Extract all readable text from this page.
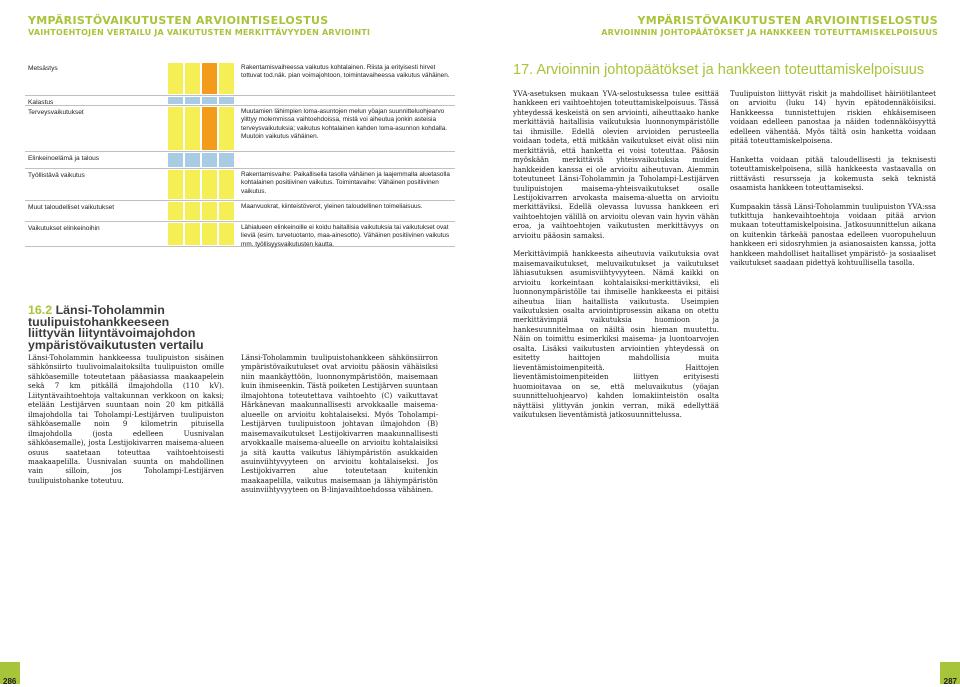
YMPÄRISTÖVAIKUTUSTEN ARVIOINTISELOSTUS
VAIHTOEHTOJEN VERTAILU JA VAIKUTUSTEN MERKITTÄVYYDEN ARVIOINTI
YMPÄRISTÖVAIKUTUSTEN ARVIOINTISELOSTUS
ARVIOINNIN JOHTOPÄÄTÖKSET JA HANKKEEN TOTEUTTAMISKELPOISUUS
Metsästys	Rakentamisvaiheessa vaikutus kohtalainen. Riista ja erityisesti hirvet tottuvat tod.näk. pian voimajohtoon, toimintavaiheessa vaikutus vähäinen.
Kalastus
Terveysvaikutukset	Muutamien lähimpien loma-asuntojen melun yöajan suunnitteluohjearvo ylittyy molemmissa vaihtoehdoissa, mistä voi aiheutua jonkin asteisia terveysvaikutuksia; vaikutus kohtalainen kahden loma-asunnon kohdalla. Muutoin vaikutus vähäinen.
Elinkeinoelämä ja talous
Työllistävä vaikutus	Rakentamisvaihe: Paikallisella tasolla vähäinen ja laajemmalla aluetasolla kohtalainen positiivinen vaikutus. Toimintavaihe: Vähäinen positiivinen vaikutus.
Muut taloudelliset vaikutukset	Maanvuokrat, kiinteistöverot, yleinen taloudellinen toimeliaisuus.
Vaikutukset elinkeinoihin	Lähialueen elinkeinoille ei koidu haitallisia vaikutuksia tai vaikutukset ovat lieviä (esim. turvetuotanto, maa-ainesotto). Vähäinen positiivinen vaikutus mm. työllisyysvaikutusten kautta.
16.2 Länsi-Toholammin tuulipuistohankkeeseen liittyvän liityntävoimajohdon ympäristövaikutusten vertailu
Länsi-Toholammin hankkeessa tuulipuiston sisäinen sähkönsiirto tuulivoimalaitoksilta tuulipuiston omille sähköasemille toteutetaan pääasiassa maakaapelein sekä 7 km pitkällä ilmajohdolla (110 kV). Liityntävaihtoehtoja valtakunnan verkkoon on kaksi; etelään Lestijärven suuntaan noin 20 km pitkällä ilmajohdolla tai Toholampi-Lestijärven tuulipuiston sähköasemalle noin 9 kilometrin pituisella ilmajohdolla (josta edelleen Uusnivalan sähköasemalle), josta Lestijokivarren maisema-alueen osuus saatetaan toteuttaa vaihtoehtoisesti maakaapelilla. Uusnivalan suunta on mahdollinen vain silloin, jos Toholampi-Lestijärven tuulipuistohanke toteutuu.
Länsi-Toholammin tuulipuistohankkeen sähkönsiirron ympäristövaikutukset ovat arvioitu pääosin vähäisiksi niin maankäyttöön, luonnonympäristöön, maisemaan kuin ihmiseenkin. Tästä poiketen Lestijärven suuntaan ilmajohtona toteutettava vaihtoehto (C) vaikuttavat Härkänevan maakunnallisesti arvokkaalle maisema-alueelle on arvioitu kohtalaiseksi. Myös Toholampi-Lestijärven tuulipuistoon johtavan ilmajohdon (B) maisemavaikutukset Lestijokivarren maakunnallisesti arvokkaalle maisema-alueelle on arvioitu kohtalaisiksi ja sitä kautta vaikutus lähiympäristön asukkaiden asuinviihtyvyyteen on arvioitu kohtalaiseksi. Jos Lestijokivarren alue toteutetaan kuitenkin maakaapelilla, vaikutus maisemaan ja lähiympäristön asuinviihtyvyyteen on B-linjavaihtoehdossa vähäinen.
17. Arvioinnin johtopäätökset ja hankkeen toteuttamiskelpoisuus

YVA-asetuksen mukaan YVA-selostuksessa tulee esittää hankkeen eri vaihtoehtojen toteuttamiskelpoisuus. Tässä yhteydessä keskeistä on sen arviointi, aiheuttaako hanke merkittäviä haitallisia vaikutuksia luonnonympäristölle tai ihmisille. Edellä olevien arvioiden perusteella voidaan todeta, että mitkään vaikutukset eivät olisi niin merkittäviä, että hanketta ei voisi toteuttaa. Pääosin myöskään merkittäviä yhteisvaikutuksia muiden hankkeiden kanssa ei ole arvioitu aiheutuvan. Aiemmin toteutuneet Länsi-Toholammin ja Toholampi-Lestijärven tuulipuistojen maisema-yhteisvaikutukset osalle Lestijokivarren arvokasta maisema-aluetta on arvioitu merkittäviksi. Edellä olevassa luvussa hankkeen eri vaihtoehtojen välillä on arvioitu olevan vain hyvin vähän eroa, ja vaihtoehtojen vaikutusten merkittävyys on arvioitu pääosin samaksi.

Merkittävimpiä hankkeesta aiheutuvia vaikutuksia ovat maisemavaikutukset, meluvaikutukset ja vaikutukset lähiasutuksen asumisviihtyvyyteen. Nämä kaikki on arvioitu korkeintaan kohtalaisiksi-merkittäviksi, eli luonnonympäristölle tai ihmiselle hankkeesta ei pitäisi aiheutua liian haitallista vaikutusta. Useimpien vaikutuksien osalta arviointiprosessin aikana on otettu merkittävimpiä vaikutuksia huomioon ja hankesuunnitelmaa on näiltä osin hieman muutettu. Näin on toimittu esimerkiksi maisema- ja luontoarvojen osalta. Lisäksi vaikutusten arviointien yhteydessä on esitetty haittojen mahdollisia muita lieventämistoimenpiteitä. Haittojen lieventämistoimenpiteiden liittyen erityisesti huomioitavaa on se, että meluvaikutus (yöajan suunnitteluohjearvo) kahden lomakiinteistön osalta näyttäisi ylittyvän jonkin verran, mikä edellyttää vaikutuksen lieventämistä jatkosuunnittelussa.

Tuulipuiston liittyvät riskit ja mahdolliset häiriötilanteet on arvioitu (luku 14) hyvin epätodennäköisiksi. Hankkeessa tunnistettujen riskien ehkäisemiseen voidaan edelleen panostaa ja näiden todennäköisyyttä edelleen vähentää. Myös tältä osin hanketta voidaan pitää toteuttamiskelpoisena.

Hanketta voidaan pitää taloudellisesti ja teknisesti toteuttamiskelpoisena, sillä hankkeesta vastaavalla on riittävästi resursseja ja kokemusta sekä teknistä osaamista hankkeen toteuttamiseksi.

Kumpaakin tässä Länsi-Toholammin tuulipuiston YVA:ssa tutkittuja hankevaihtoehtoja voidaan pitää arvion mukaan toteuttamiskelpoisina. Jatkosuunnittelun aikana on kuitenkin tärkeää panostaa edelleen vuoropuheluun hankkeen eri sidosryhmien ja asianosaisten kanssa, jotta hankkeen mahdolliset haitalliset ympäristö- ja sosiaaliset vaikutukset saadaan pidettyä kohtuullisella tasolla.

286	287
